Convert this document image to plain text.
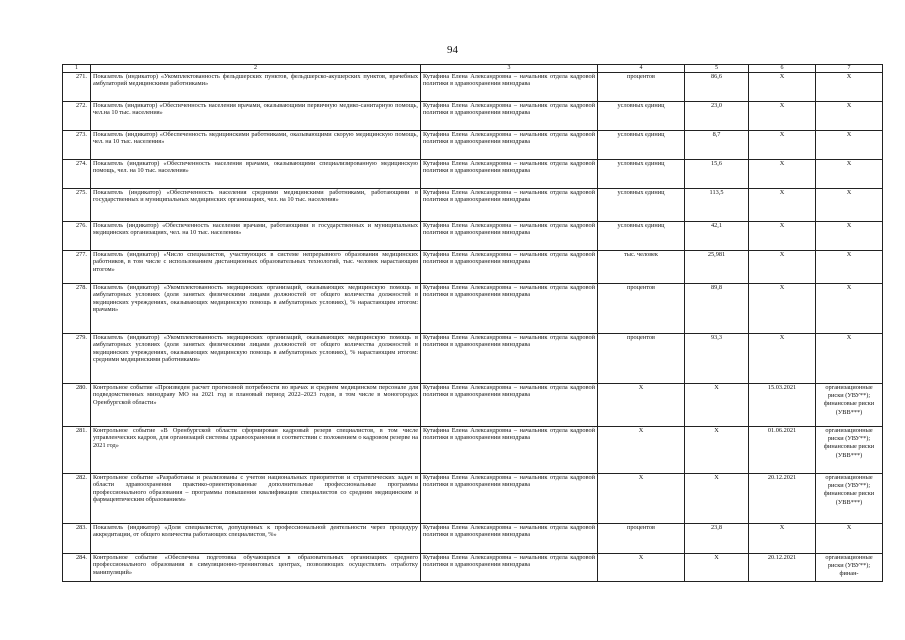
94
1	2	3	4	5	6	7
271.	Показатель (индикатор) «Укомплектованность фельдшерских пунктов, фельдшерско-акушерских пунктов, врачебных амбулаторий медицинскими работниками»	Кутафина Елена Александровна – начальник отдела кадровой политики в здравоохранении минздрава	процентов	86,6	Х	Х
272.	Показатель (индикатор) «Обеспеченность населения врачами, оказывающими первичную медико-санитарную помощь, чел.на 10 тыс. населения»	Кутафина Елена Александровна – начальник отдела кадровой политики в здравоохранении минздрава	условных единиц	23,0	Х	Х
273.	Показатель (индикатор) «Обеспеченность медицинскими работниками, оказывающими скорую медицинскую помощь, чел. на 10 тыс. населения»	Кутафина Елена Александровна – начальник отдела кадровой политики в здравоохранении минздрава	условных единиц	8,7	Х	Х
274.	Показатель (индикатор) «Обеспеченность населения врачами, оказывающими специализированную медицинскую помощь, чел. на 10 тыс. населения»	Кутафина Елена Александровна – начальник отдела кадровой политики в здравоохранении минздрава	условных единиц	15,6	Х	Х
275.	Показатель (индикатор) «Обеспеченность населения средними медицинскими работниками, работающими в государственных и муниципальных медицинских организациях, чел. на 10 тыс. населения»	Кутафина Елена Александровна – начальник отдела кадровой политики в здравоохранении минздрава	условных единиц	113,5	Х	Х
276.	Показатель (индикатор) «Обеспеченность населения врачами, работающими в государственных и муниципальных медицинских организациях, чел. на 10 тыс. населения»	Кутафина Елена Александровна – начальник отдела кадровой политики в здравоохранении минздрава	условных единиц	42,1	Х	Х
277.	Показатель (индикатор) «Число специалистов, участвующих в системе непрерывного образования медицинских работников, в том числе с использованием дистанционных образовательных технологий, тыс. человек нарастающим итогом»	Кутафина Елена Александровна – начальник отдела кадровой политики в здравоохранении минздрава	тыс. человек	25,981	Х	Х
278.	Показатель (индикатор) «Укомплектованность медицинских организаций, оказывающих медицинскую помощь в амбулаторных условиях (доля занятых физическими лицами должностей от общего количества должностей в медицинских учреждениях, оказывающих медицинскую помощь в амбулаторных условиях), % нарастающим итогом: врачами»	Кутафина Елена Александровна – начальник отдела кадровой политики в здравоохранении минздрава	процентов	89,8	Х	Х
279.	Показатель (индикатор) «Укомплектованность медицинских организаций, оказывающих медицинскую помощь в амбулаторных условиях (доля занятых физическими лицами должностей от общего количества должностей в медицинских учреждениях, оказывающих медицинскую помощь в амбулаторных условиях), % нарастающим итогом: средними медицинскими работниками»	Кутафина Елена Александровна – начальник отдела кадровой политики в здравоохранении минздрава	процентов	93,3	Х	Х
280.	Контрольное событие «Произведен расчет прогнозной потребности во врачах и среднем медицинском персонале для подведомственных минздраву МО на 2021 год и плановый период 2022–2023 годов, в том числе в моногородах Оренбургской области»	Кутафина Елена Александровна – начальник отдела кадровой политики в здравоохранении минздрава	Х	Х	15.03.2021	организационные риски (УВУ**); финансовые риски (УВВ***)
281.	Контрольное событие «В Оренбургской области сформирован кадровый резерв специалистов, в том числе управленческих кадров, для организаций системы здравоохранения в соответствии с положением о кадровом резерве на 2021 год»	Кутафина Елена Александровна – начальник отдела кадровой политики в здравоохранении минздрава	Х	Х	01.06.2021	организационные риски (УВУ**); финансовые риски (УВВ***)
282.	Контрольное событие «Разработаны и реализованы с учетом национальных приоритетов и стратегических задач в области здравоохранения практико-ориентированные дополнительные профессиональные программы профессионального образования – программы повышения квалификации специалистов со средним медицинским и фармацевтическим образованием»	Кутафина Елена Александровна – начальник отдела кадровой политики в здравоохранении минздрава	Х	Х	20.12.2021	организационные риски (УВУ**); финансовые риски (УВВ***)
283.	Показатель (индикатор) «Доля специалистов, допущенных к профессиональной деятельности через процедуру аккредитации, от общего количества работающих специалистов, %»	Кутафина Елена Александровна – начальник отдела кадровой политики в здравоохранении минздрава	процентов	23,8	Х	Х
284.	Контрольное событие «Обеспечена подготовка обучающихся в образовательных организациях среднего профессионального образования в симуляционно-тренинговых центрах, позволяющих осуществлять отработку манипуляций»	Кутафина Елена Александровна – начальник отдела кадровой политики в здравоохранении минздрава	Х	Х	20.12.2021	организационные риски (УВУ**); финан-
